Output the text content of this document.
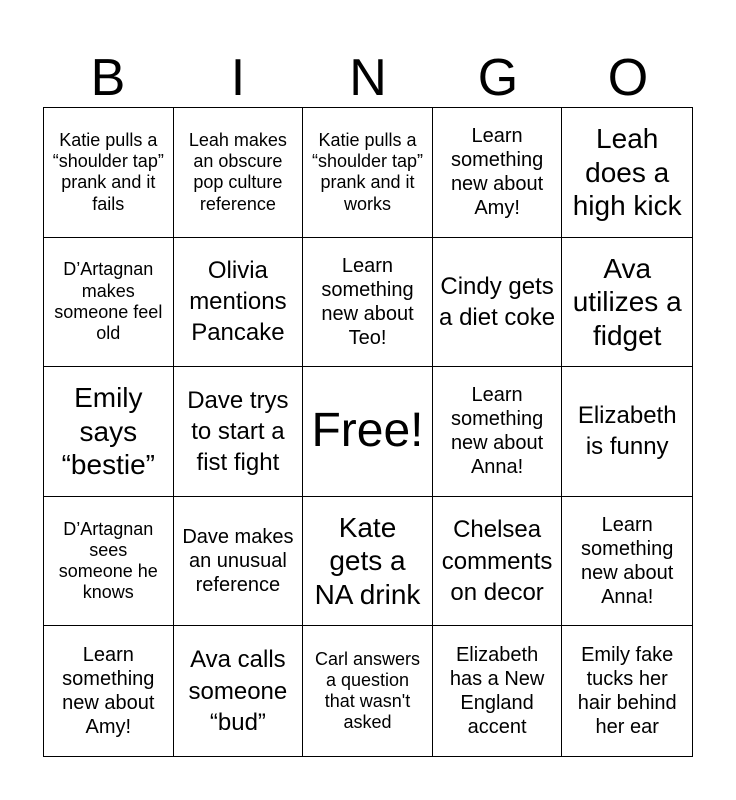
B	I	N	G	O
Katie pulls a “shoulder tap” prank and it fails
Leah makes an obscure pop culture reference
Katie pulls a “shoulder tap” prank and it works
Learn something new about Amy!
Leah does a high kick
D’Artagnan makes someone feel old
Olivia mentions Pancake
Learn something new about Teo!
Cindy gets a diet coke
Ava utilizes a fidget
Emily says “bestie”
Dave trys to start a fist fight
Free!
Learn something new about Anna!
Elizabeth is funny
D’Artagnan sees someone he knows
Dave makes an unusual reference
Kate gets a NA drink
Chelsea comments on decor
Learn something new about Anna!
Learn something new about Amy!
Ava calls someone “bud”
Carl answers a question that wasn't asked
Elizabeth has a New England accent
Emily fake tucks her hair behind her ear
